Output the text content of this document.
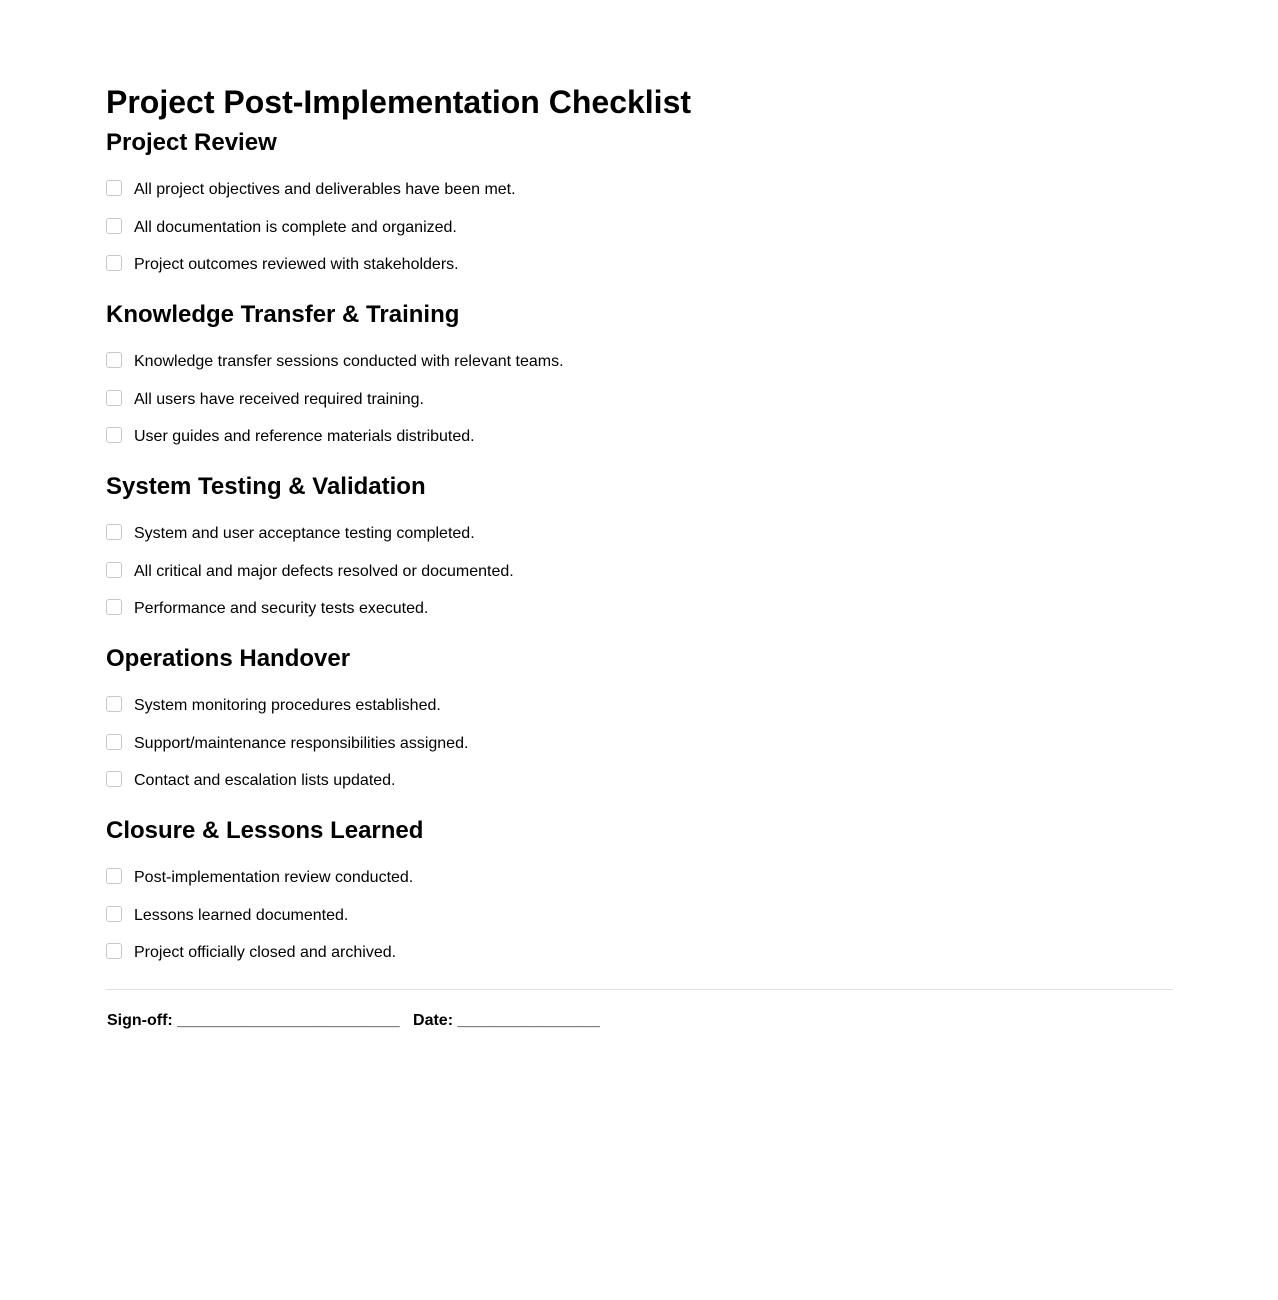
Project Post-Implementation Checklist
Project Review
All project objectives and deliverables have been met.
All documentation is complete and organized.
Project outcomes reviewed with stakeholders.
Knowledge Transfer & Training
Knowledge transfer sessions conducted with relevant teams.
All users have received required training.
User guides and reference materials distributed.
System Testing & Validation
System and user acceptance testing completed.
All critical and major defects resolved or documented.
Performance and security tests executed.
Operations Handover
System monitoring procedures established.
Support/maintenance responsibilities assigned.
Contact and escalation lists updated.
Closure & Lessons Learned
Post-implementation review conducted.
Lessons learned documented.
Project officially closed and archived.
Sign-off: _________________________ Date: ________________
